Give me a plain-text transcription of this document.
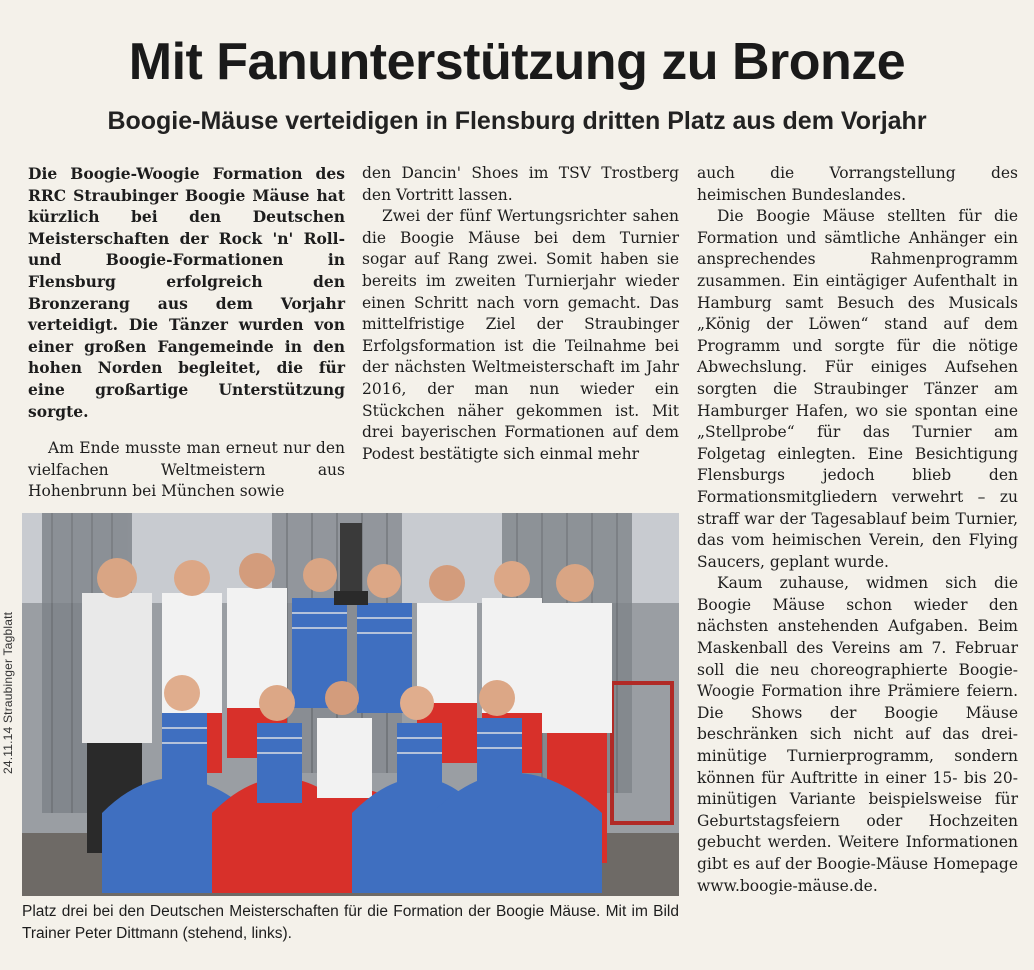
Mit Fanunterstützung zu Bronze
Boogie-Mäuse verteidigen in Flensburg dritten Platz aus dem Vorjahr

Die Boogie-Woogie Formation des RRC Straubinger Boogie Mäuse hat kürzlich bei den Deutschen Meisterschaften der Rock 'n' Roll- und Boogie-Formationen in Flensburg erfolgreich den Bronzerang aus dem Vorjahr verteidigt. Die Tänzer wurden von einer großen Fangemeinde in den hohen Norden begleitet, die für eine großartige Unterstützung sorgte.

Am Ende musste man erneut nur den vielfachen Weltmeistern aus Hohenbrunn bei München sowie

den Dancin' Shoes im TSV Trostberg den Vortritt lassen.

Zwei der fünf Wertungsrichter sahen die Boogie Mäuse bei dem Turnier sogar auf Rang zwei. Somit haben sie bereits im zweiten Turnierjahr wieder einen Schritt nach vorn gemacht. Das mittelfristige Ziel der Straubinger Erfolgsformation ist die Teilnahme bei der nächsten Weltmeisterschaft im Jahr 2016, der man nun wieder ein Stückchen näher gekommen ist. Mit drei bayerischen Formationen auf dem Podest bestätigte sich einmal mehr

auch die Vorrangstellung des heimischen Bundeslandes.

Die Boogie Mäuse stellten für die Formation und sämtliche Anhänger ein ansprechendes Rahmenprogramm zusammen. Ein eintägiger Aufenthalt in Hamburg samt Besuch des Musicals „König der Löwen“ stand auf dem Programm und sorgte für die nötige Abwechslung. Für einiges Aufsehen sorgten die Straubinger Tänzer am Hamburger Hafen, wo sie spontan eine „Stellprobe“ für das Turnier am Folgetag einlegten. Eine Besichtigung Flensburgs jedoch blieb den Formationsmitgliedern verwehrt – zu straff war der Tagesablauf beim Turnier, das vom heimischen Verein, den Flying Saucers, geplant wurde.

Kaum zuhause, widmen sich die Boogie Mäuse schon wieder den nächsten anstehenden Aufgaben. Beim Maskenball des Vereins am 7. Februar soll die neu choreographierte Boogie-Woogie Formation ihre Prämiere feiern. Die Shows der Boogie Mäuse beschränken sich nicht auf das drei-minütige Turnierprogramm, sondern können für Auftritte in einer 15- bis 20-minütigen Variante beispielsweise für Geburtstagsfeiern oder Hochzeiten gebucht werden. Weitere Informationen gibt es auf der Boogie-Mäuse Homepage www.boogie-mäuse.de.

Platz drei bei den Deutschen Meisterschaften für die Formation der Boogie Mäuse. Mit im Bild Trainer Peter Dittmann (stehend, links).
24.11.14 Straubinger Tagblatt
